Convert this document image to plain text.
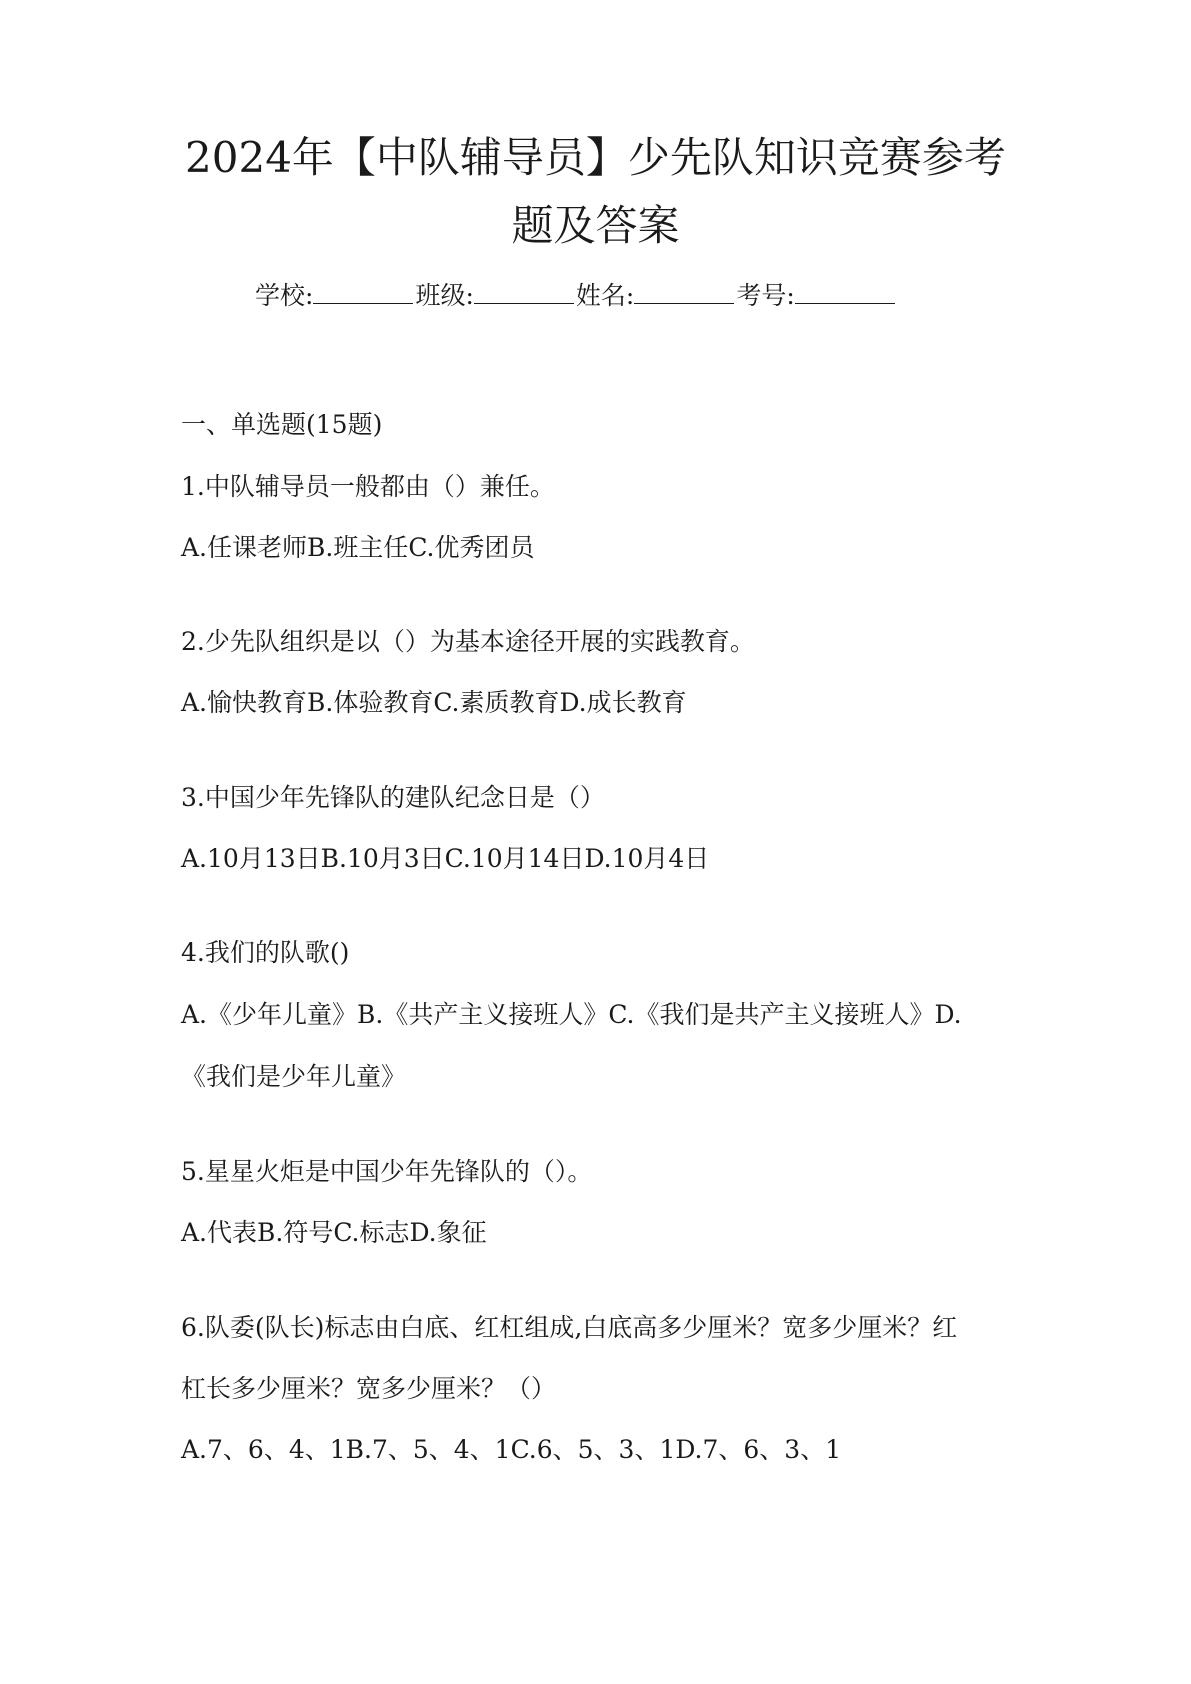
2024年【中队辅导员】少先队知识竞赛参考
题及答案
学校:	班级:	姓名:	考号:

一、单选题(15题)

1.中队辅导员一般都由（）兼任。

A.任课老师B.班主任C.优秀团员

2.少先队组织是以（）为基本途径开展的实践教育。

A.愉快教育B.体验教育C.素质教育D.成长教育

3.中国少年先锋队的建队纪念日是（）

A.10月13日B.10月3日C.10月14日D.10月4日

4.我们的队歌()

A.《少年儿童》B.《共产主义接班人》C.《我们是共产主义接班人》D.

《我们是少年儿童》

5.星星火炬是中国少年先锋队的（）。

A.代表B.符号C.标志D.象征

6.队委(队长)标志由白底、红杠组成,白底高多少厘米？宽多少厘米？红

杠长多少厘米？宽多少厘米？（）

A.7、6、4、1B.7、5、4、1C.6、5、3、1D.7、6、3、1
